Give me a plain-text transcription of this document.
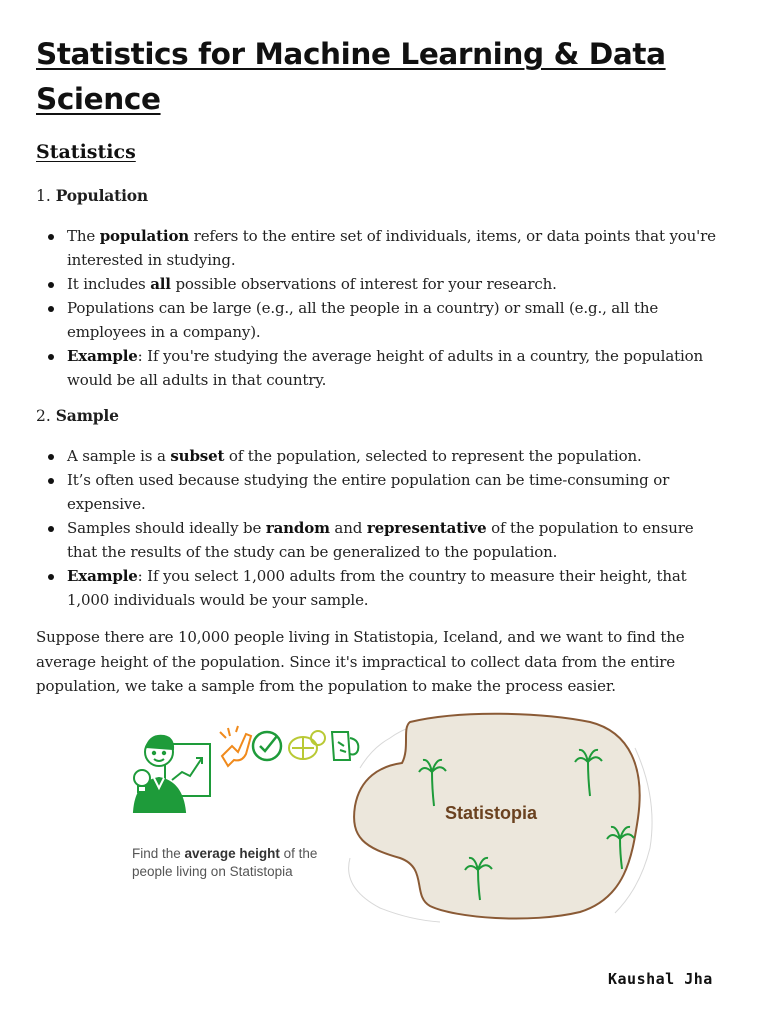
Statistics for Machine Learning & Data Science
Statistics

1. Population

The population refers to the entire set of individuals, items, or data points that you're interested in studying.
It includes all possible observations of interest for your research.
Populations can be large (e.g., all the people in a country) or small (e.g., all the employees in a company).
Example: If you're studying the average height of adults in a country, the population would be all adults in that country.

2. Sample

A sample is a subset of the population, selected to represent the population.
It’s often used because studying the entire population can be time-consuming or expensive.
Samples should ideally be random and representative of the population to ensure that the results of the study can be generalized to the population.
Example: If you select 1,000 adults from the country to measure their height, that 1,000 individuals would be your sample.

Suppose there are 10,000 people living in Statistopia, Iceland, and we want to find the average height of the population. Since it's impractical to collect data from the entire population, we take a sample from the population to make the process easier.

Find the average height of the people living on Statistopia
Statistopia
Kaushal Jha
